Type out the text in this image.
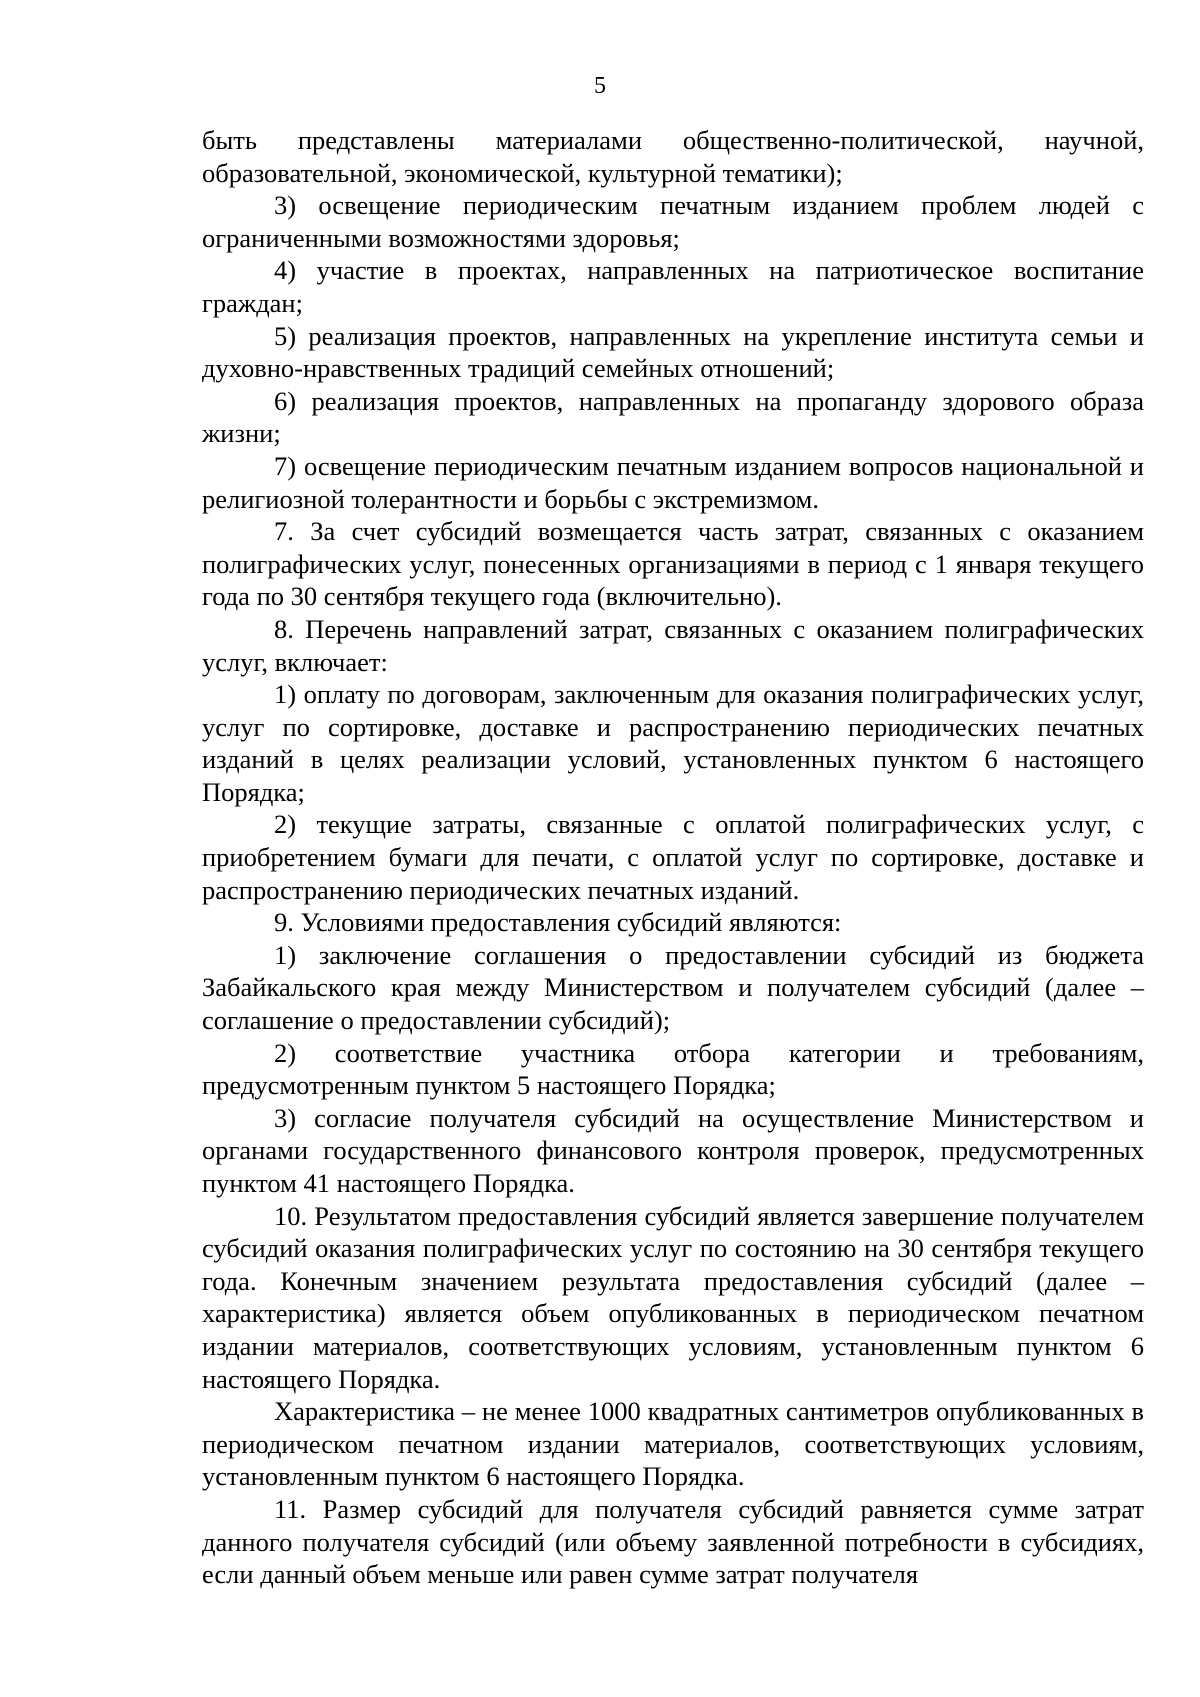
5

быть представлены материалами общественно-политической, научной, образовательной, экономической, культурной тематики);

3) освещение периодическим печатным изданием проблем людей с ограниченными возможностями здоровья;

4) участие в проектах, направленных на патриотическое воспитание граждан;

5) реализация проектов, направленных на укрепление института семьи и духовно-нравственных традиций семейных отношений;

6) реализация проектов, направленных на пропаганду здорового образа жизни;

7) освещение периодическим печатным изданием вопросов национальной и религиозной толерантности и борьбы с экстремизмом.

7. За счет субсидий возмещается часть затрат, связанных с оказанием полиграфических услуг, понесенных организациями в период с 1 января текущего года по 30 сентября текущего года (включительно).

8. Перечень направлений затрат, связанных с оказанием полиграфических услуг, включает:

1) оплату по договорам, заключенным для оказания полиграфических услуг, услуг по сортировке, доставке и распространению периодических печатных изданий в целях реализации условий, установленных пунктом 6 настоящего Порядка;

2) текущие затраты, связанные с оплатой полиграфических услуг, с приобретением бумаги для печати, с оплатой услуг по сортировке, доставке и распространению периодических печатных изданий.

9. Условиями предоставления субсидий являются:

1) заключение соглашения о предоставлении субсидий из бюджета Забайкальского края между Министерством и получателем субсидий (далее – соглашение о предоставлении субсидий);

2) соответствие участника отбора категории и требованиям, предусмотренным пунктом 5 настоящего Порядка;

3) согласие получателя субсидий на осуществление Министерством и органами государственного финансового контроля проверок, предусмотренных пунктом 41 настоящего Порядка.

10. Результатом предоставления субсидий является завершение получателем субсидий оказания полиграфических услуг по состоянию на 30 сентября текущего года. Конечным значением результата предоставления субсидий (далее – характеристика) является объем опубликованных в периодическом печатном издании материалов, соответствующих условиям, установленным пунктом 6 настоящего Порядка.

Характеристика – не менее 1000 квадратных сантиметров опубликованных в периодическом печатном издании материалов, соответствующих условиям, установленным пунктом 6 настоящего Порядка.

11. Размер субсидий для получателя субсидий равняется сумме затрат данного получателя субсидий (или объему заявленной потребности в субсидиях, если данный объем меньше или равен сумме затрат получателя
